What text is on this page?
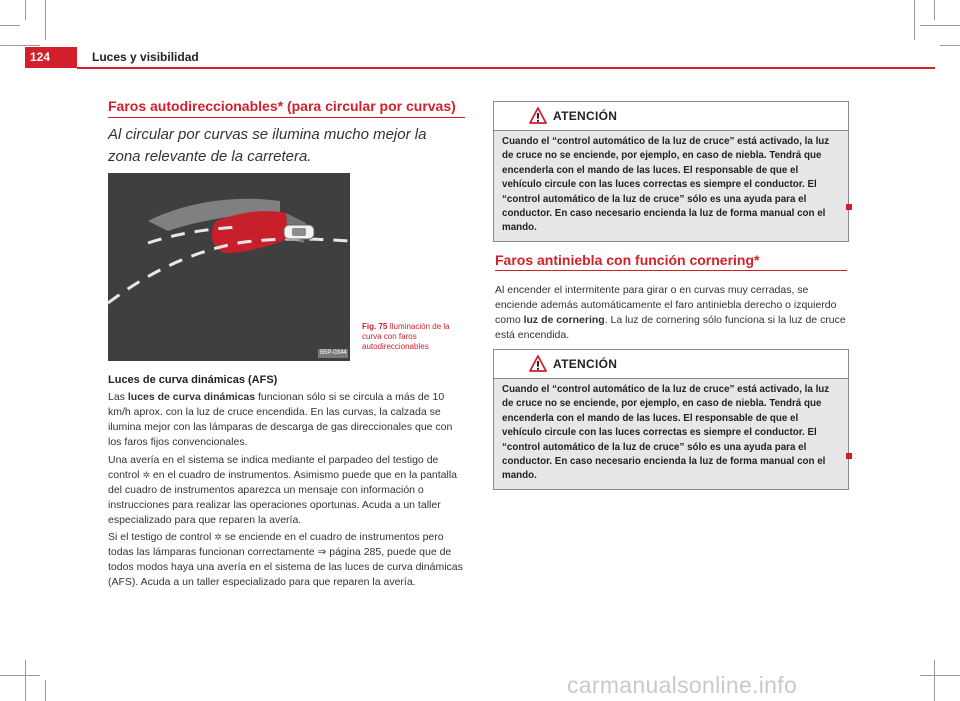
124	Luces y visibilidad
Faros autodireccionables* (para circular por curvas)
Al circular por curvas se ilumina mucho mejor la zona relevante de la carretera.
B5P-0344
Fig. 75 Iluminación de la curva con faros autodireccionables
Luces de curva dinámicas (AFS)

Las luces de curva dinámicas funcionan sólo si se circula a más de 10 km/h aprox. con la luz de cruce encendida. En las curvas, la calzada se ilumina mejor con las lámparas de descarga de gas direccionales que con los faros fijos convencionales.

Una avería en el sistema se indica mediante el parpadeo del testigo de control ✲ en el cuadro de instrumentos. Asimismo puede que en la pantalla del cuadro de instrumentos aparezca un mensaje con información o instrucciones para realizar las operaciones oportunas. Acuda a un taller especializado para que reparen la avería.

Si el testigo de control ✲ se enciende en el cuadro de instrumentos pero todas las lámparas funcionan correctamente ⇒ página 285, puede que de todos modos haya una avería en el sistema de las luces de curva dinámicas (AFS). Acuda a un taller especializado para que reparen la avería.

ATENCIÓN
Cuando el “control automático de la luz de cruce” está activado, la luz de cruce no se enciende, por ejemplo, en caso de niebla. Tendrá que encenderla con el mando de las luces. El responsable de que el vehículo circule con las luces correctas es siempre el conductor. El “control automático de la luz de cruce” sólo es una ayuda para el conductor. En caso necesario encienda la luz de forma manual con el mando.
Faros antiniebla con función cornering*

Al encender el intermitente para girar o en curvas muy cerradas, se enciende además automáticamente el faro antiniebla derecho o izquierdo como luz de cornering. La luz de cornering sólo funciona si la luz de cruce está encendida.

ATENCIÓN
Cuando el “control automático de la luz de cruce” está activado, la luz de cruce no se enciende, por ejemplo, en caso de niebla. Tendrá que encenderla con el mando de las luces. El responsable de que el vehículo circule con las luces correctas es siempre el conductor. El “control automático de la luz de cruce” sólo es una ayuda para el conductor. En caso necesario encienda la luz de forma manual con el mando.
carmanualsonline.info
